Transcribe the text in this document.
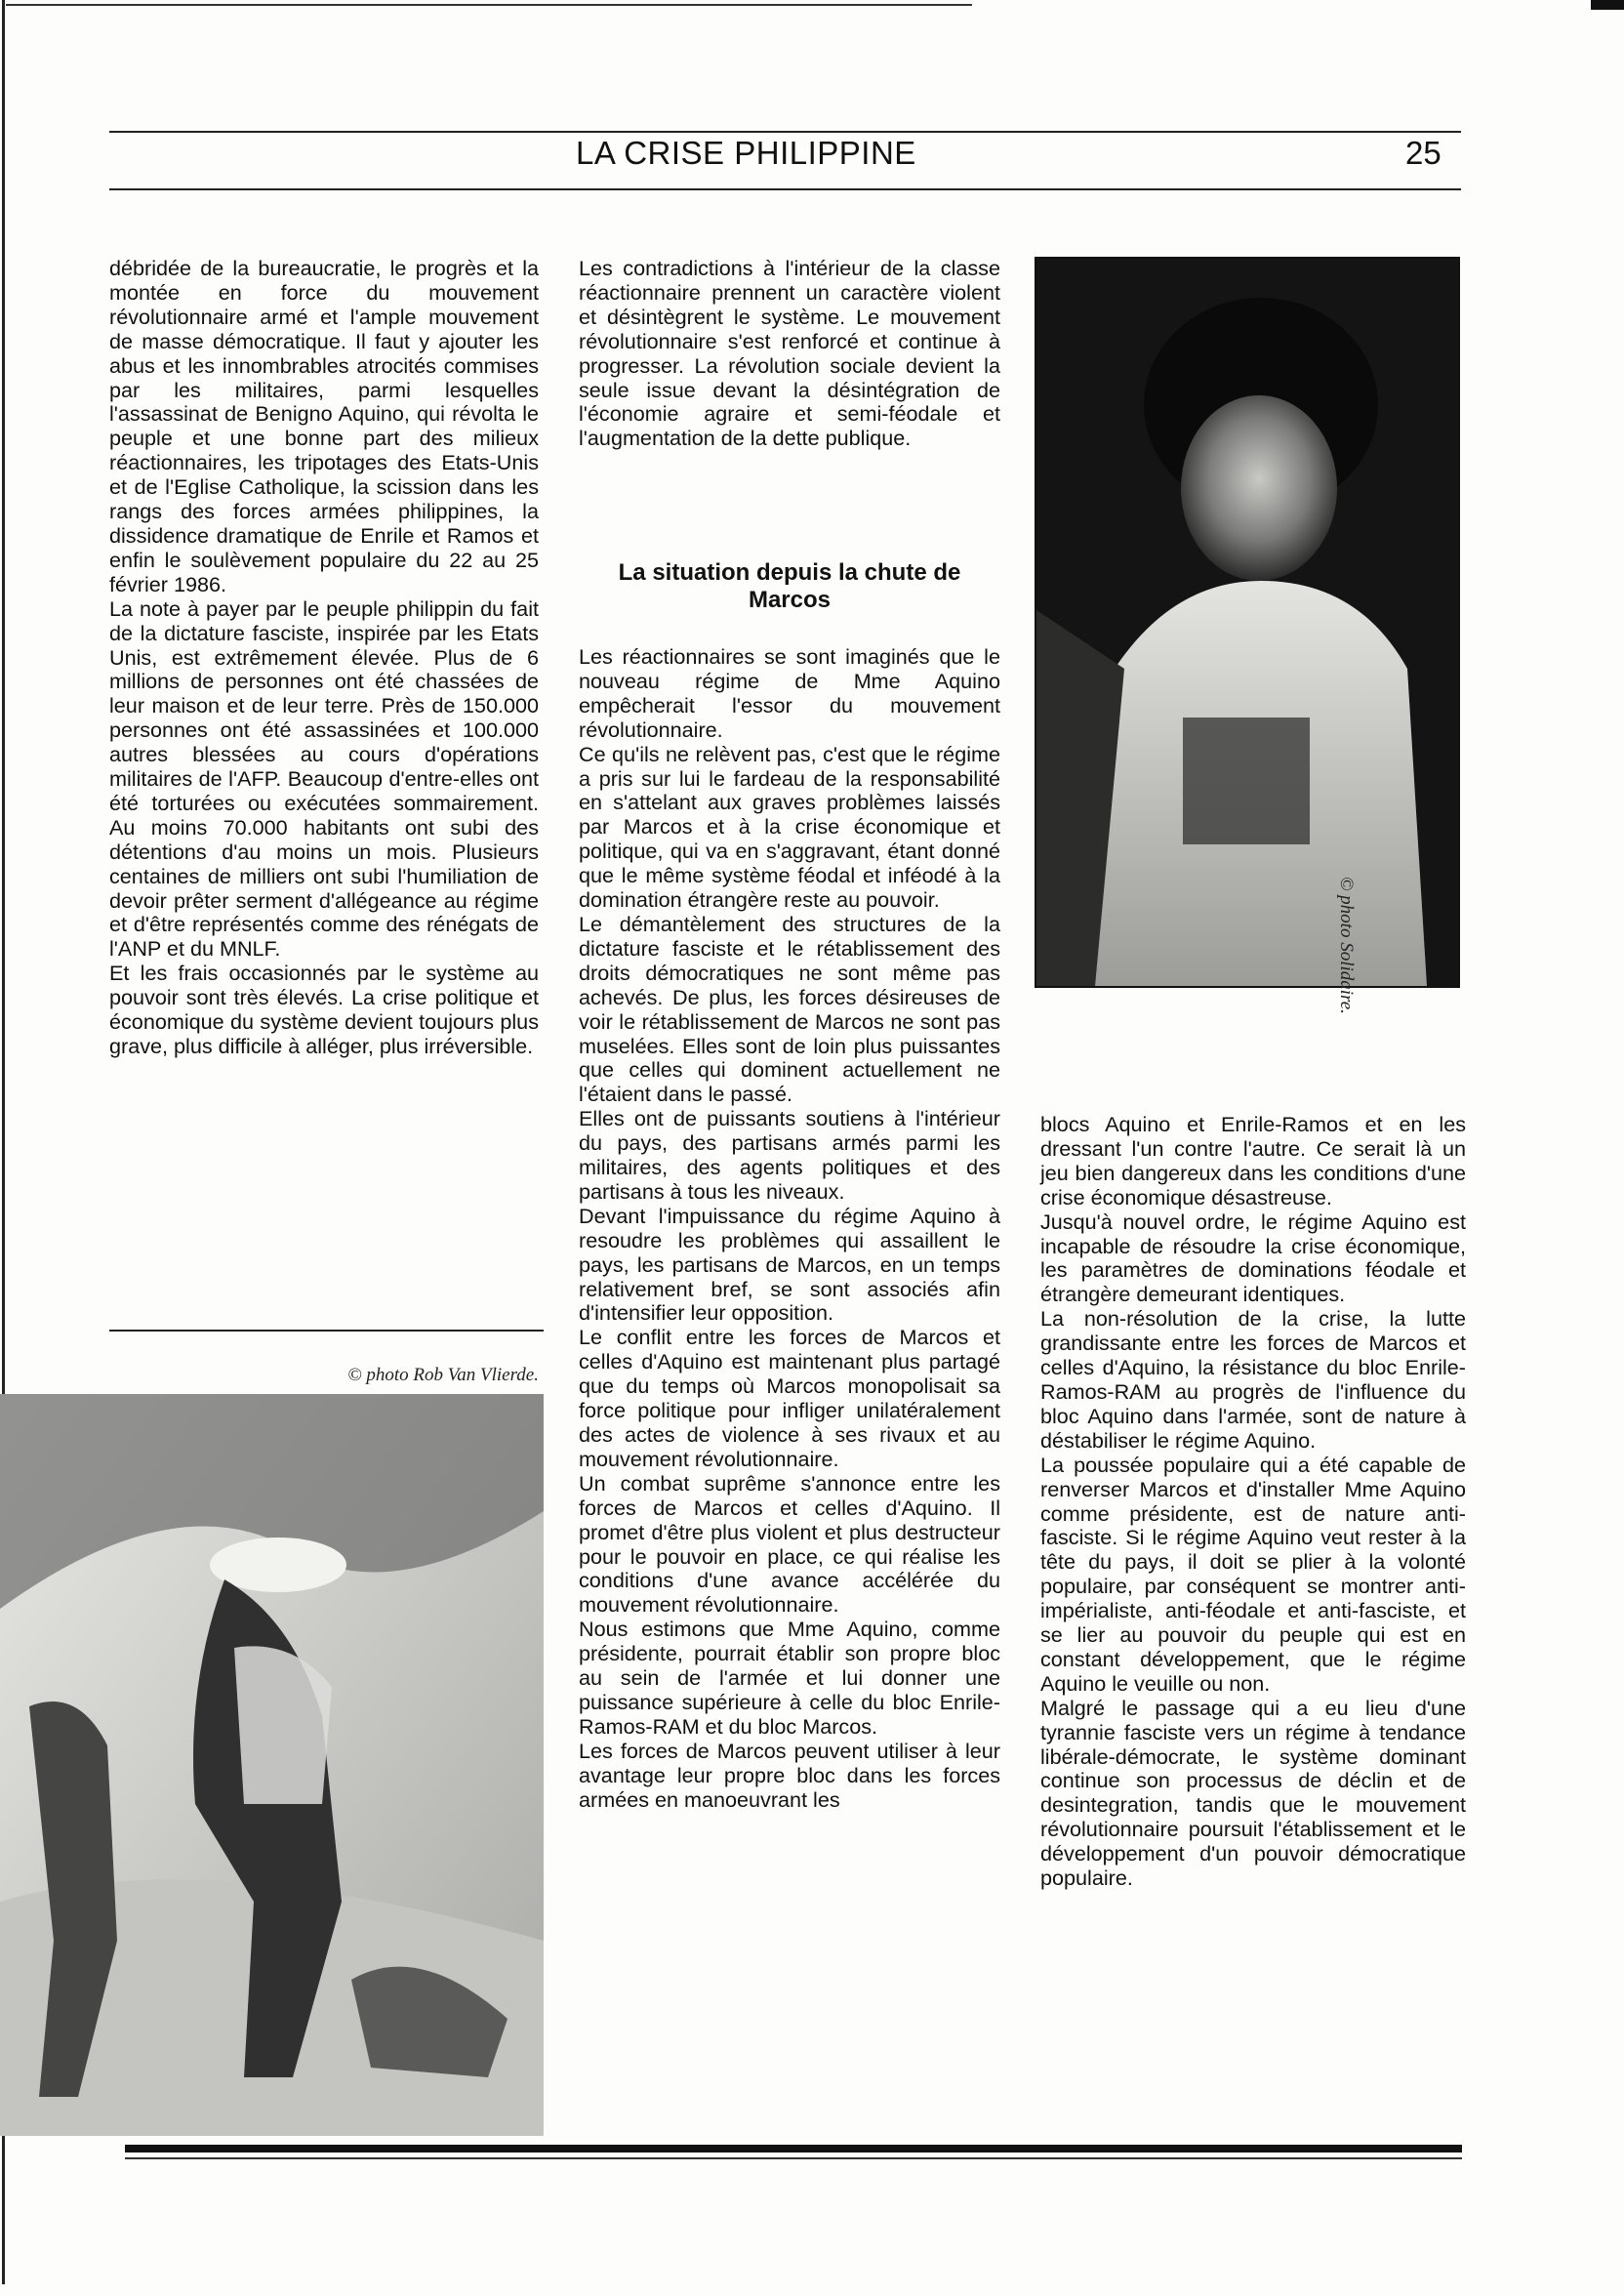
LA CRISE PHILIPPINE	25

débridée de la bureaucratie, le progrès et la montée en force du mouvement révolutionnaire armé et l'ample mouvement de masse démocratique. Il faut y ajouter les abus et les innombrables atrocités commises par les militaires, parmi lesquelles l'assassinat de Benigno Aquino, qui révolta le peuple et une bonne part des milieux réactionnaires, les tripotages des Etats-Unis et de l'Eglise Catholique, la scission dans les rangs des forces armées philippines, la dissidence dramatique de Enrile et Ramos et enfin le soulèvement populaire du 22 au 25 février 1986.

La note à payer par le peuple philippin du fait de la dictature fasciste, inspirée par les Etats Unis, est extrêmement élevée. Plus de 6 millions de personnes ont été chassées de leur maison et de leur terre. Près de 150.000 personnes ont été assassinées et 100.000 autres blessées au cours d'opérations militaires de l'AFP. Beaucoup d'entre-elles ont été torturées ou exécutées sommairement. Au moins 70.000 habitants ont subi des détentions d'au moins un mois. Plusieurs centaines de milliers ont subi l'humiliation de devoir prêter serment d'allégeance au régime et d'être représentés comme des rénégats de l'ANP et du MNLF.

Et les frais occasionnés par le système au pouvoir sont très élevés. La crise politique et économique du système devient toujours plus grave, plus difficile à alléger, plus irréversible.

Les contradictions à l'intérieur de la classe réactionnaire prennent un caractère violent et désintègrent le système. Le mouvement révolutionnaire s'est renforcé et continue à progresser. La révolution sociale devient la seule issue devant la désintégration de l'économie agraire et semi-féodale et l'augmentation de la dette publique.

La situation depuis la chute de Marcos

Les réactionnaires se sont imaginés que le nouveau régime de Mme Aquino empêcherait l'essor du mouvement révolutionnaire.

Ce qu'ils ne relèvent pas, c'est que le régime a pris sur lui le fardeau de la responsabilité en s'attelant aux graves problèmes laissés par Marcos et à la crise économique et politique, qui va en s'aggravant, étant donné que le même système féodal et inféodé à la domination étrangère reste au pouvoir.

Le démantèlement des structures de la dictature fasciste et le rétablissement des droits démocratiques ne sont même pas achevés. De plus, les forces désireuses de voir le rétablissement de Marcos ne sont pas muselées. Elles sont de loin plus puissantes que celles qui dominent actuellement ne l'étaient dans le passé.

Elles ont de puissants soutiens à l'intérieur du pays, des partisans armés parmi les militaires, des agents politiques et des partisans à tous les niveaux.

Devant l'impuissance du régime Aquino à resoudre les problèmes qui assaillent le pays, les partisans de Marcos, en un temps relativement bref, se sont associés afin d'intensifier leur opposition.

Le conflit entre les forces de Marcos et celles d'Aquino est maintenant plus partagé que du temps où Marcos monopolisait sa force politique pour infliger unilatéralement des actes de violence à ses rivaux et au mouvement révolutionnaire.

Un combat suprême s'annonce entre les forces de Marcos et celles d'Aquino. Il promet d'être plus violent et plus destructeur pour le pouvoir en place, ce qui réalise les conditions d'une avance accélérée du mouvement révolutionnaire.

Nous estimons que Mme Aquino, comme présidente, pourrait établir son propre bloc au sein de l'armée et lui donner une puissance supérieure à celle du bloc Enrile-Ramos-RAM et du bloc Marcos.

Les forces de Marcos peuvent utiliser à leur avantage leur propre bloc dans les forces armées en manoeuvrant les

blocs Aquino et Enrile-Ramos et en les dressant l'un contre l'autre. Ce serait là un jeu bien dangereux dans les conditions d'une crise économique désastreuse.

Jusqu'à nouvel ordre, le régime Aquino est incapable de résoudre la crise économique, les paramètres de dominations féodale et étrangère demeurant identiques.

La non-résolution de la crise, la lutte grandissante entre les forces de Marcos et celles d'Aquino, la résistance du bloc Enrile-Ramos-RAM au progrès de l'influence du bloc Aquino dans l'armée, sont de nature à déstabiliser le régime Aquino.

La poussée populaire qui a été capable de renverser Marcos et d'installer Mme Aquino comme présidente, est de nature anti- fasciste. Si le régime Aquino veut rester à la tête du pays, il doit se plier à la volonté populaire, par conséquent se montrer anti-impérialiste, anti-féodale et anti-fasciste, et se lier au pouvoir du peuple qui est en constant développement, que le régime Aquino le veuille ou non.

Malgré le passage qui a eu lieu d'une tyrannie fasciste vers un régime à tendance libérale-démocrate, le système dominant continue son processus de déclin et de desintegration, tandis que le mouvement révolutionnaire poursuit l'établissement et le développement d'un pouvoir démocratique populaire.

© photo Solidaire.
© photo Rob Van Vlierde.
